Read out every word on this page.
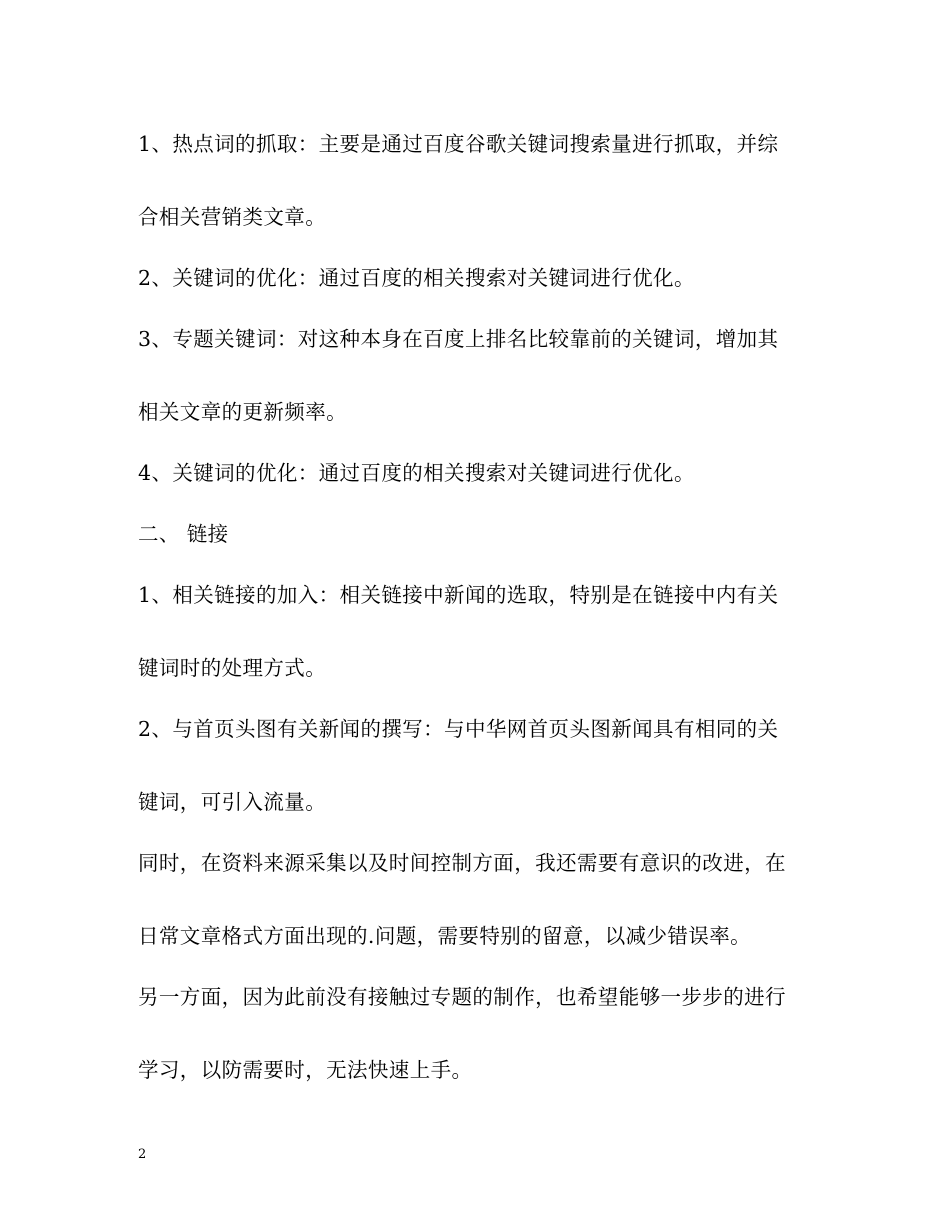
1、热点词的抓取：主要是通过百度谷歌关键词搜索量进行抓取，并综
合相关营销类文章。
2、关键词的优化：通过百度的相关搜索对关键词进行优化。
3、专题关键词：对这种本身在百度上排名比较靠前的关键词，增加其
相关文章的更新频率。
4、关键词的优化：通过百度的相关搜索对关键词进行优化。
二、 链接
1、相关链接的加入：相关链接中新闻的选取，特别是在链接中内有关
键词时的处理方式。
2、与首页头图有关新闻的撰写：与中华网首页头图新闻具有相同的关
键词，可引入流量。
同时，在资料来源采集以及时间控制方面，我还需要有意识的改进，在
日常文章格式方面出现的.问题，需要特别的留意，以减少错误率。
另一方面，因为此前没有接触过专题的制作，也希望能够一步步的进行
学习，以防需要时，无法快速上手。
2
